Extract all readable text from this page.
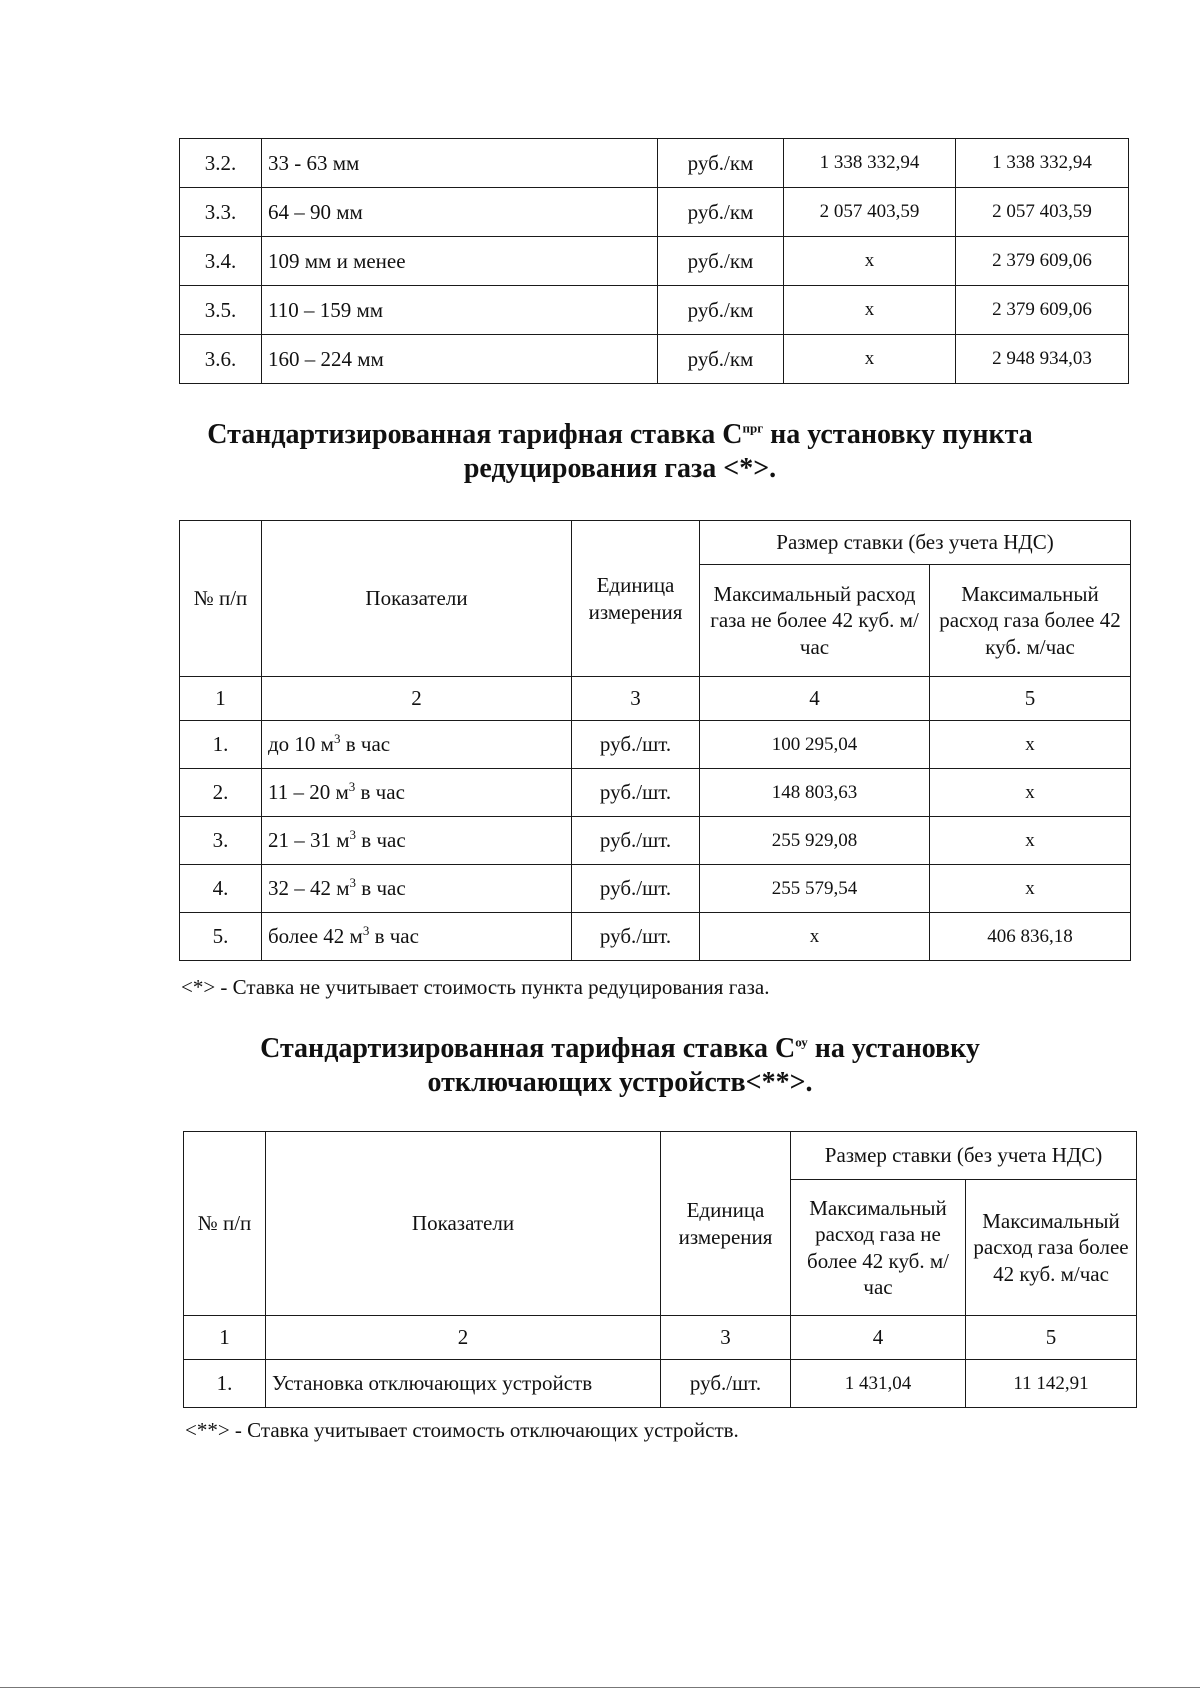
3.2.	33 - 63 мм	руб./км	1 338 332,94	1 338 332,94
3.3.	64 – 90 мм	руб./км	2 057 403,59	2 057 403,59
3.4.	109 мм и менее	руб./км	х	2 379 609,06
3.5.	110 – 159 мм	руб./км	х	2 379 609,06
3.6.	160 – 224 мм	руб./км	х	2 948 934,03
Стандартизированная тарифная ставка $С^{прг}$ на установку пункта
редуцирования газа <*>.
№ п/п	Показатели	Единица измерения	Размер ставки (без учета НДС)	
			Максимальный расход газа не более 42 куб. м/час	Максимальный расход газа более 42 куб. м/час
1	2	3	4	5
1.	до 10 $м^3$ в час	руб./шт.	100 295,04	х
2.	11 – 20 $м^3$ в час	руб./шт.	148 803,63	х
3.	21 – 31 $м^3$ в час	руб./шт.	255 929,08	х
4.	32 – 42 $м^3$ в час	руб./шт.	255 579,54	х
5.	более 42 $м^3$ в час	руб./шт.	х	406 836,18

<*> - Ставка не учитывает стоимость пункта редуцирования газа.

Стандартизированная тарифная ставка $С^{оу}$ на установку
отключающих устройств<**>.
№ п/п	Показатели	Единица измерения	Размер ставки (без учета НДС)	
			Максимальный расход газа не более 42 куб. м/час	Максимальный расход газа более 42 куб. м/час
1	2	3	4	5
1.	Установка отключающих устройств	руб./шт.	1 431,04	11 142,91

<**> - Ставка учитывает стоимость отключающих устройств.
